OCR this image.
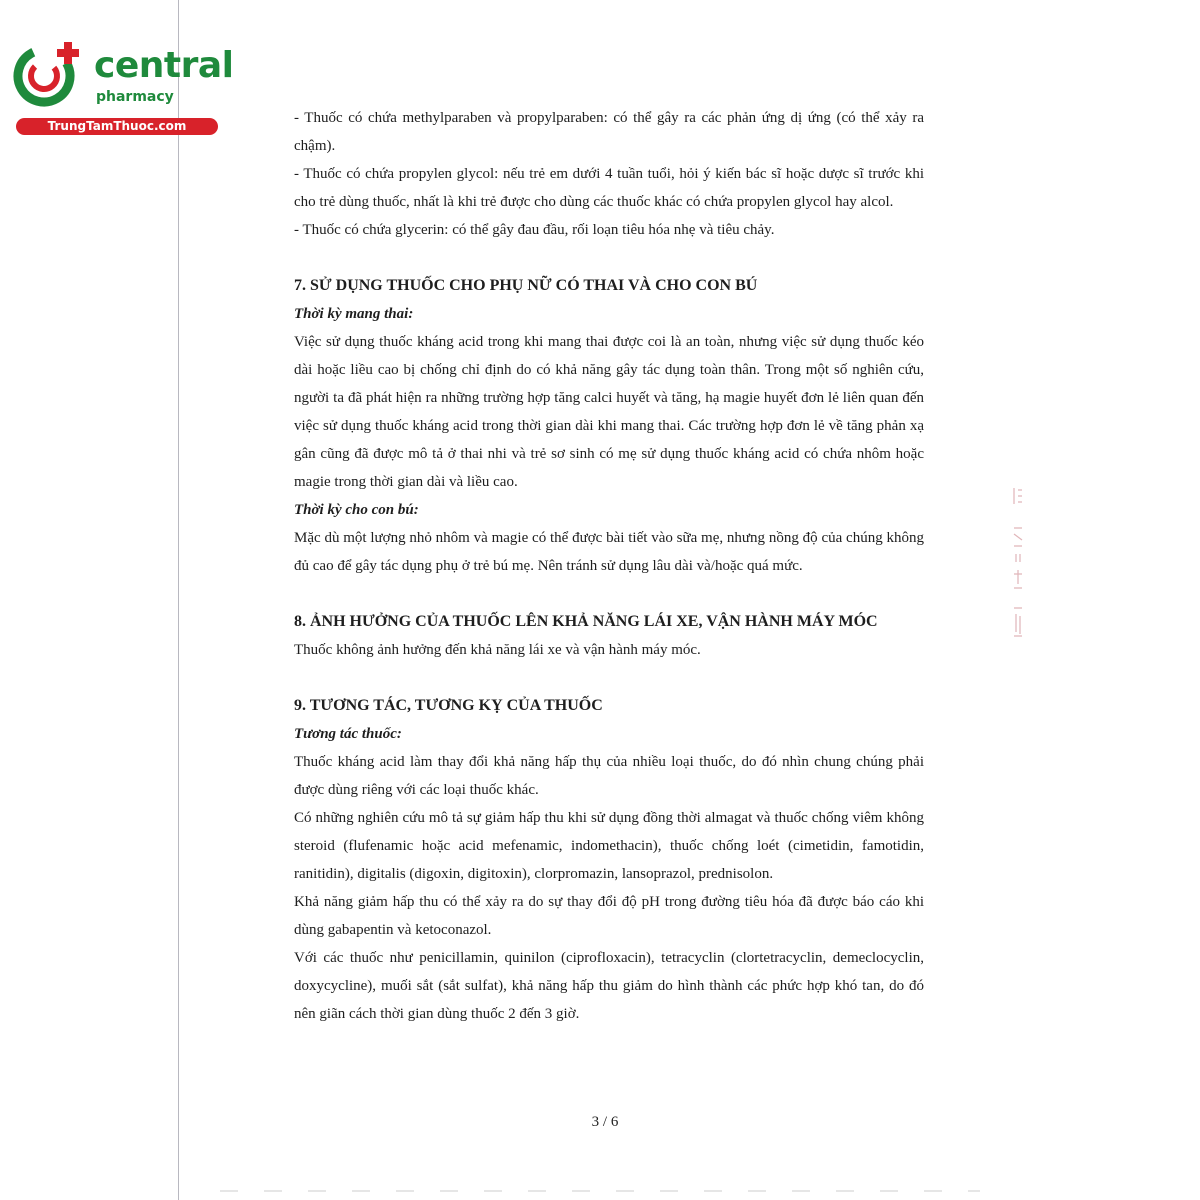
central
pharmacy
TrungTamThuoc.com	- Thuốc có chứa methylparaben và propylparaben: có thể gây ra các phản ứng dị ứng (có thể xảy ra chậm).

- Thuốc có chứa propylen glycol: nếu trẻ em dưới 4 tuần tuổi, hỏi ý kiến bác sĩ hoặc dược sĩ trước khi cho trẻ dùng thuốc, nhất là khi trẻ được cho dùng các thuốc khác có chứa propylen glycol hay alcol.

- Thuốc có chứa glycerin: có thể gây đau đầu, rối loạn tiêu hóa nhẹ và tiêu chảy.

7. SỬ DỤNG THUỐC CHO PHỤ NỮ CÓ THAI VÀ CHO CON BÚ

Thời kỳ mang thai:

Việc sử dụng thuốc kháng acid trong khi mang thai được coi là an toàn, nhưng việc sử dụng thuốc kéo dài hoặc liều cao bị chống chỉ định do có khả năng gây tác dụng toàn thân. Trong một số nghiên cứu, người ta đã phát hiện ra những trường hợp tăng calci huyết và tăng, hạ magie huyết đơn lẻ liên quan đến việc sử dụng thuốc kháng acid trong thời gian dài khi mang thai. Các trường hợp đơn lẻ về tăng phản xạ gân cũng đã được mô tả ở thai nhi và trẻ sơ sinh có mẹ sử dụng thuốc kháng acid có chứa nhôm hoặc magie trong thời gian dài và liều cao.

Thời kỳ cho con bú:

Mặc dù một lượng nhỏ nhôm và magie có thể được bài tiết vào sữa mẹ, nhưng nồng độ của chúng không đủ cao để gây tác dụng phụ ở trẻ bú mẹ. Nên tránh sử dụng lâu dài và/hoặc quá mức.

8. ẢNH HƯỞNG CỦA THUỐC LÊN KHẢ NĂNG LÁI XE, VẬN HÀNH MÁY MÓC

Thuốc không ảnh hưởng đến khả năng lái xe và vận hành máy móc.

9. TƯƠNG TÁC, TƯƠNG KỴ CỦA THUỐC

Tương tác thuốc:

Thuốc kháng acid làm thay đổi khả năng hấp thụ của nhiều loại thuốc, do đó nhìn chung chúng phải được dùng riêng với các loại thuốc khác.

Có những nghiên cứu mô tả sự giảm hấp thu khi sử dụng đồng thời almagat và thuốc chống viêm không steroid (flufenamic hoặc acid mefenamic, indomethacin), thuốc chống loét (cimetidin, famotidin, ranitidin), digitalis (digoxin, digitoxin), clorpromazin, lansoprazol, prednisolon.

Khả năng giảm hấp thu có thể xảy ra do sự thay đổi độ pH trong đường tiêu hóa đã được báo cáo khi dùng gabapentin và ketoconazol.

Với các thuốc như penicillamin, quinilon (ciprofloxacin), tetracyclin (clortetracyclin, demeclocyclin, doxycycline), muối sắt (sắt sulfat), khả năng hấp thu giảm do hình thành các phức hợp khó tan, do đó nên giãn cách thời gian dùng thuốc 2 đến 3 giờ.

3 / 6
